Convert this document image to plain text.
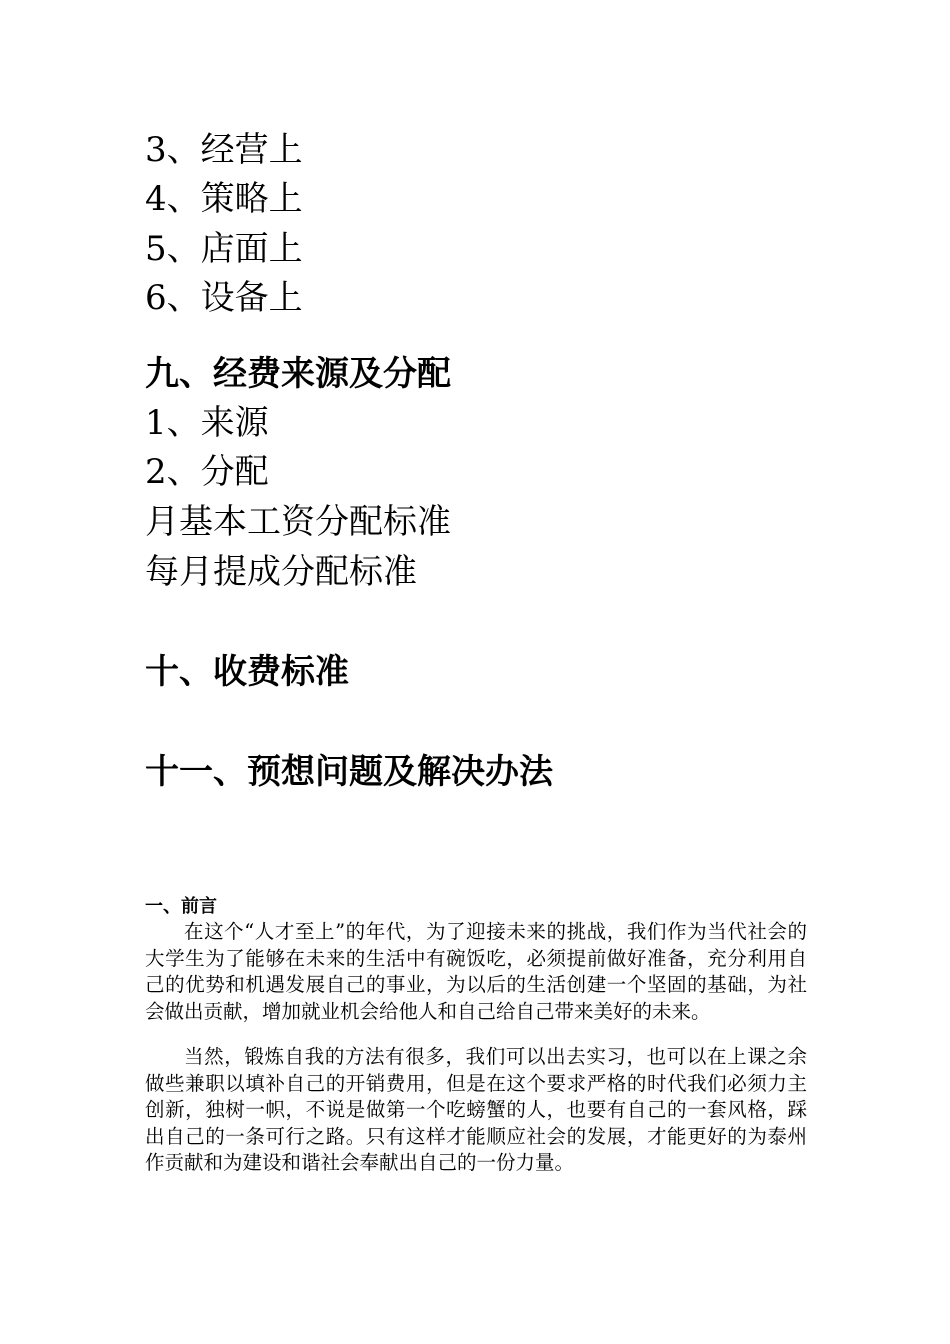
3、经营上
4、策略上
5、店面上
6、设备上
九、经费来源及分配
1、来源
2、分配
月基本工资分配标准
每月提成分配标准
十、收费标准
十一、预想问题及解决办法
一、前言

在这个“人才至上”的年代，为了迎接未来的挑战，我们作为当代社会的大学生为了能够在未来的生活中有碗饭吃，必须提前做好准备，充分利用自己的优势和机遇发展自己的事业，为以后的生活创建一个坚固的基础，为社会做出贡献，增加就业机会给他人和自己给自己带来美好的未来。

当然，锻炼自我的方法有很多，我们可以出去实习，也可以在上课之余做些兼职以填补自己的开销费用，但是在这个要求严格的时代我们必须力主创新，独树一帜，不说是做第一个吃螃蟹的人，也要有自己的一套风格，踩出自己的一条可行之路。只有这样才能顺应社会的发展，才能更好的为泰州作贡献和为建设和谐社会奉献出自己的一份力量。
